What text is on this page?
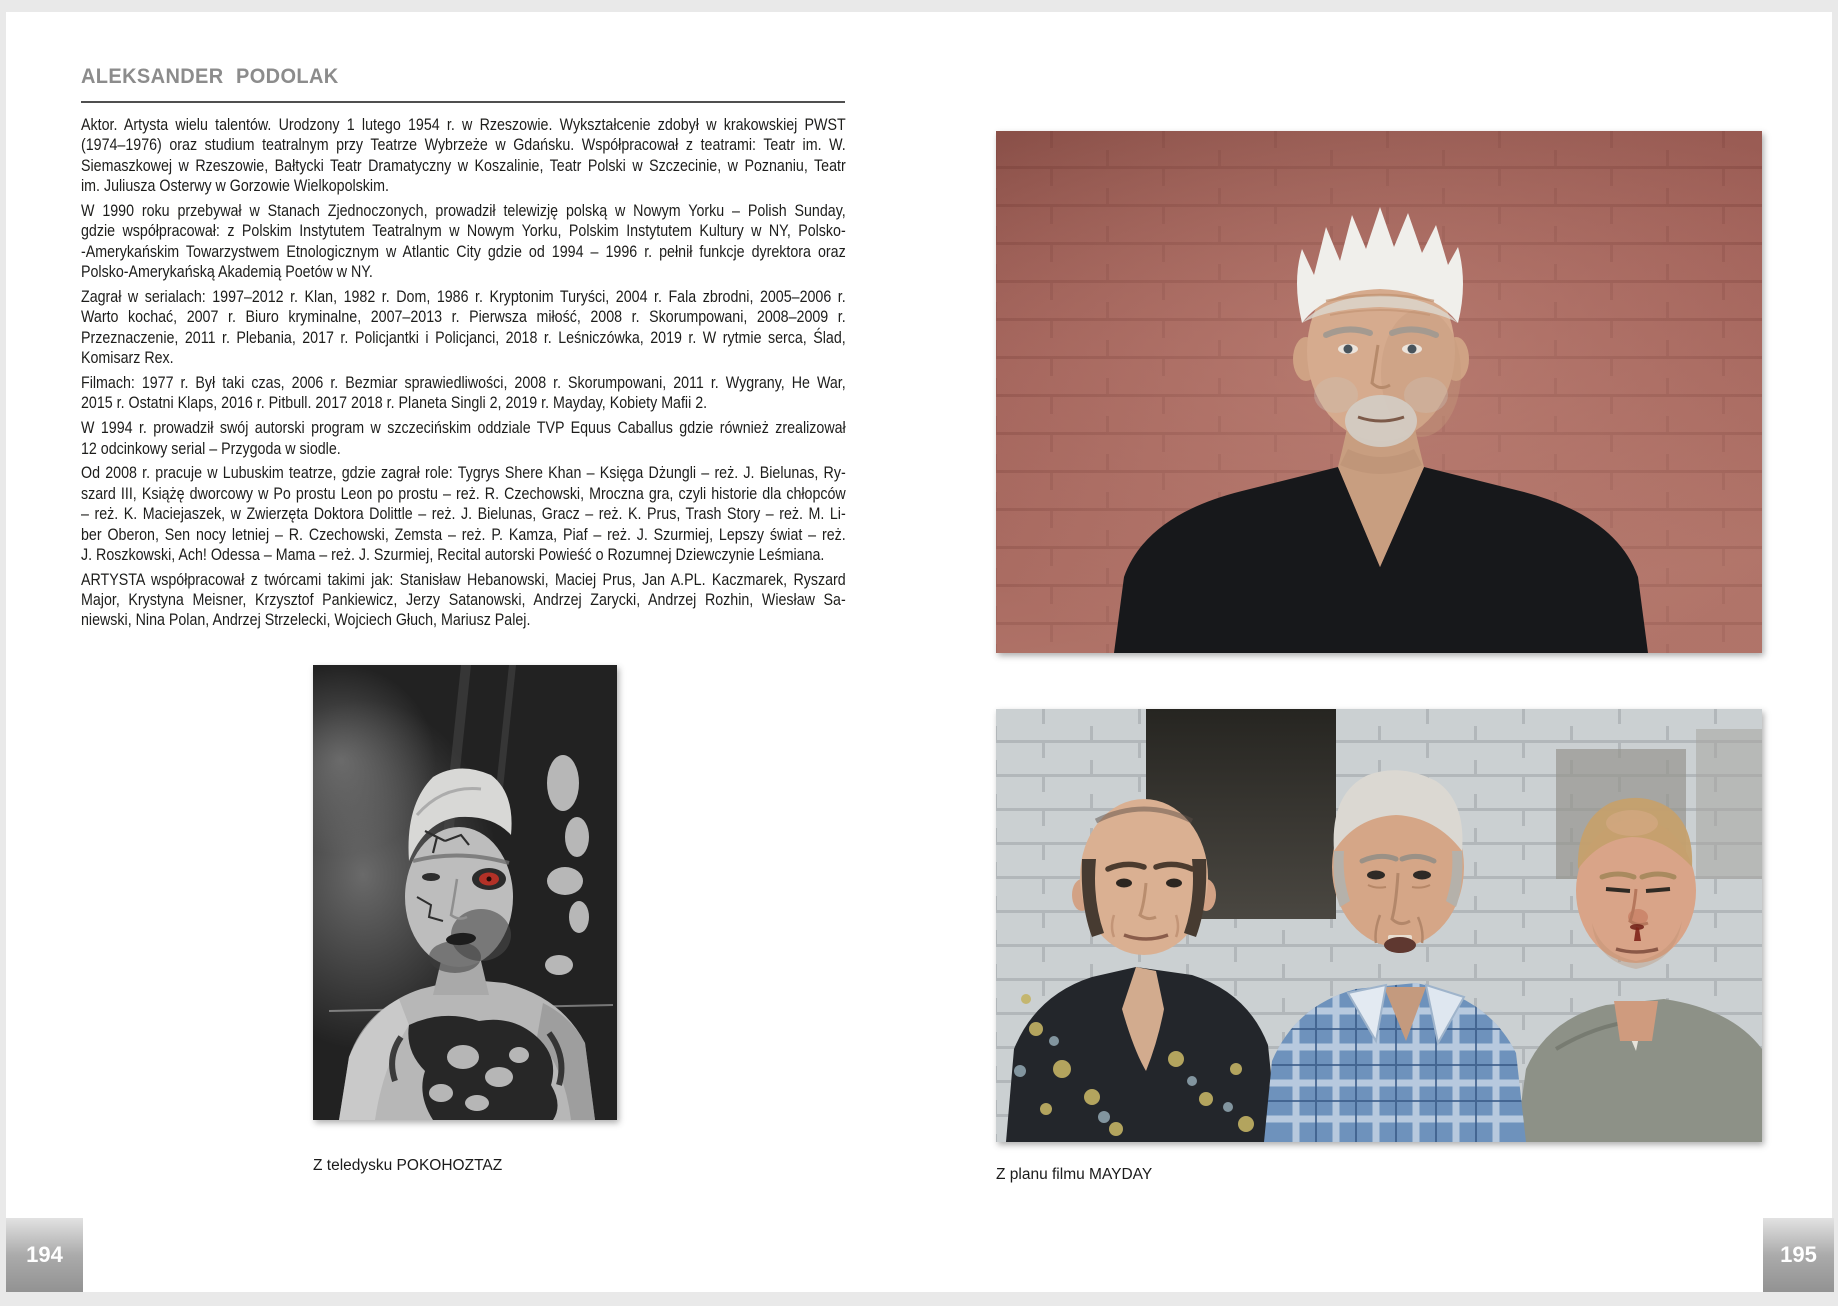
ALEKSANDER PODOLAK

Aktor. Artysta wielu talentów. Urodzony 1 lutego 1954 r. w Rzeszowie. Wykształcenie zdobył w krakowskiej PWST
(1974–1976) oraz studium teatralnym przy Teatrze Wybrzeże w Gdańsku. Współpracował z teatrami: Teatr im. W.
Siemaszkowej w Rzeszowie, Bałtycki Teatr Dramatyczny w Koszalinie, Teatr Polski w Szczecinie, w Poznaniu, Teatr
im. Juliusza Osterwy w Gorzowie Wielkopolskim.

W 1990 roku przebywał w Stanach Zjednoczonych, prowadził telewizję polską w Nowym Yorku – Polish Sunday,
gdzie współpracował: z Polskim Instytutem Teatralnym w Nowym Yorku, Polskim Instytutem Kultury w NY, Polsko-
-Amerykańskim Towarzystwem Etnologicznym w Atlantic City gdzie od 1994 – 1996 r. pełnił funkcje dyrektora oraz
Polsko-Amerykańską Akademią Poetów w NY.

Zagrał w serialach: 1997–2012 r. Klan, 1982 r. Dom, 1986 r. Kryptonim Turyści, 2004 r. Fala zbrodni, 2005–2006 r.
Warto kochać, 2007 r. Biuro kryminalne, 2007–2013 r. Pierwsza miłość, 2008 r. Skorumpowani, 2008–2009 r.
Przeznaczenie, 2011 r. Plebania, 2017 r. Policjantki i Policjanci, 2018 r. Leśniczówka, 2019 r. W rytmie serca, Ślad,
Komisarz Rex.

Filmach: 1977 r. Był taki czas, 2006 r. Bezmiar sprawiedliwości, 2008 r. Skorumpowani, 2011 r. Wygrany, He War,
2015 r. Ostatni Klaps, 2016 r. Pitbull. 2017 2018 r. Planeta Singli 2, 2019 r. Mayday, Kobiety Mafii 2.

W 1994 r. prowadził swój autorski program w szczecińskim oddziale TVP Equus Caballus gdzie również zrealizował
12 odcinkowy serial – Przygoda w siodle.

Od 2008 r. pracuje w Lubuskim teatrze, gdzie zagrał role: Tygrys Shere Khan – Księga Dżungli – reż. J. Bielunas, Ry-
szard III, Książę dworcowy w Po prostu Leon po prostu – reż. R. Czechowski, Mroczna gra, czyli historie dla chłopców
– reż. K. Maciejaszek, w Zwierzęta Doktora Dolittle – reż. J. Bielunas, Gracz – reż. K. Prus, Trash Story – reż. M. Li-
ber Oberon, Sen nocy letniej – R. Czechowski, Zemsta – reż. P. Kamza, Piaf – reż. J. Szurmiej, Lepszy świat – reż.
J. Roszkowski, Ach! Odessa – Mama – reż. J. Szurmiej, Recital autorski Powieść o Rozumnej Dziewczynie Leśmiana.

ARTYSTA współpracował z twórcami takimi jak: Stanisław Hebanowski, Maciej Prus, Jan A.PL. Kaczmarek, Ryszard
Major, Krystyna Meisner, Krzysztof Pankiewicz, Jerzy Satanowski, Andrzej Zarycki, Andrzej Rozhin, Wiesław Sa-
niewski, Nina Polan, Andrzej Strzelecki, Wojciech Głuch, Mariusz Palej.

Z teledysku POKOHOZTAZ
Z planu filmu MAYDAY
194	195
